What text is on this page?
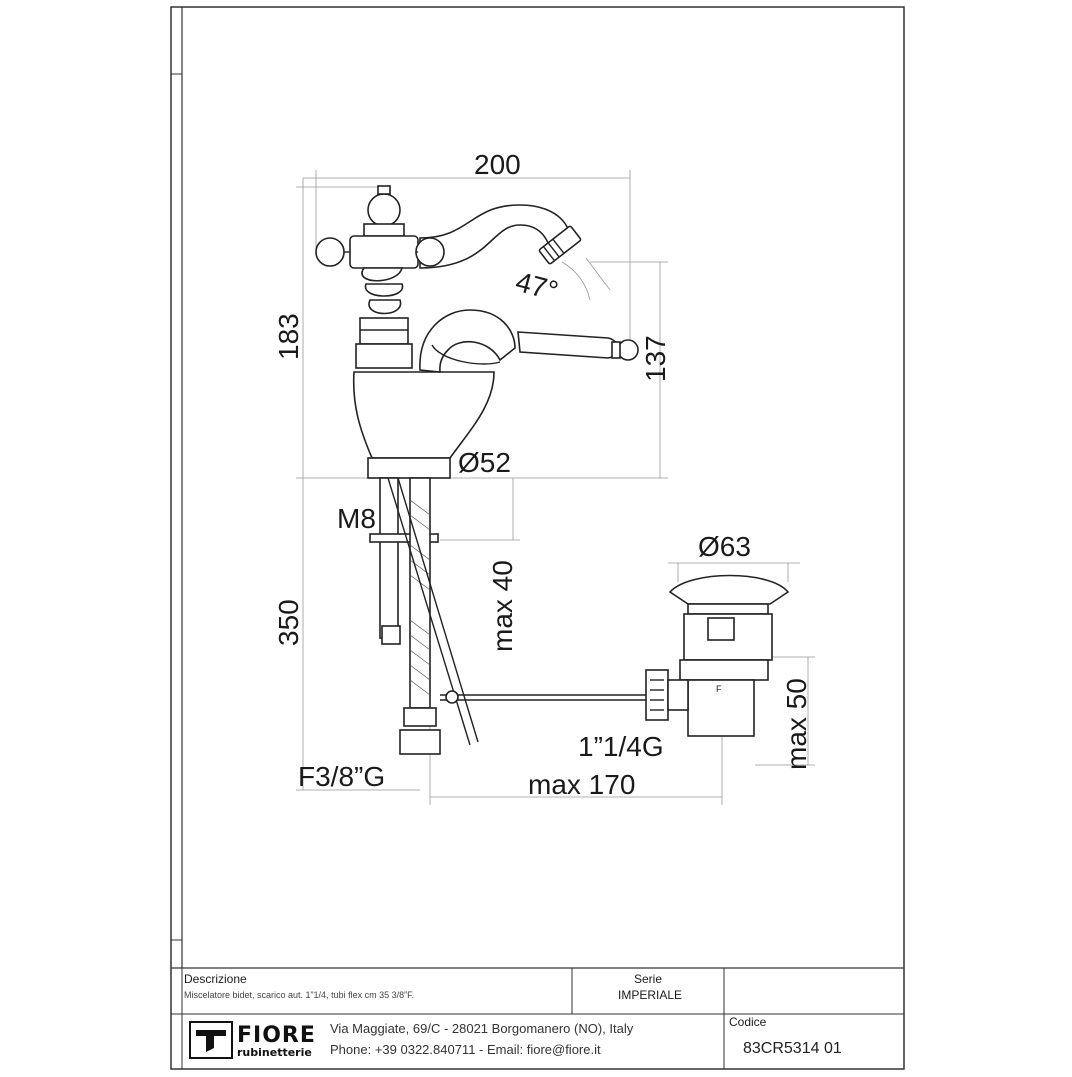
F
200
47°
183	137
Ø52
M8
350	max 40
Ø63
max 50
1”1/4G
F3/8”G	max 170
Descrizione
Miscelatore bidet, scarico aut. 1”1/4, tubi flex cm 35 3/8”F.
Serie
IMPERIALE
Codice
83CR5314 01
Via Maggiate, 69/C - 28021 Borgomanero (NO), Italy
Phone: +39 0322.840711 - Email: fiore@fiore.it
FIORE
rubinetterie
